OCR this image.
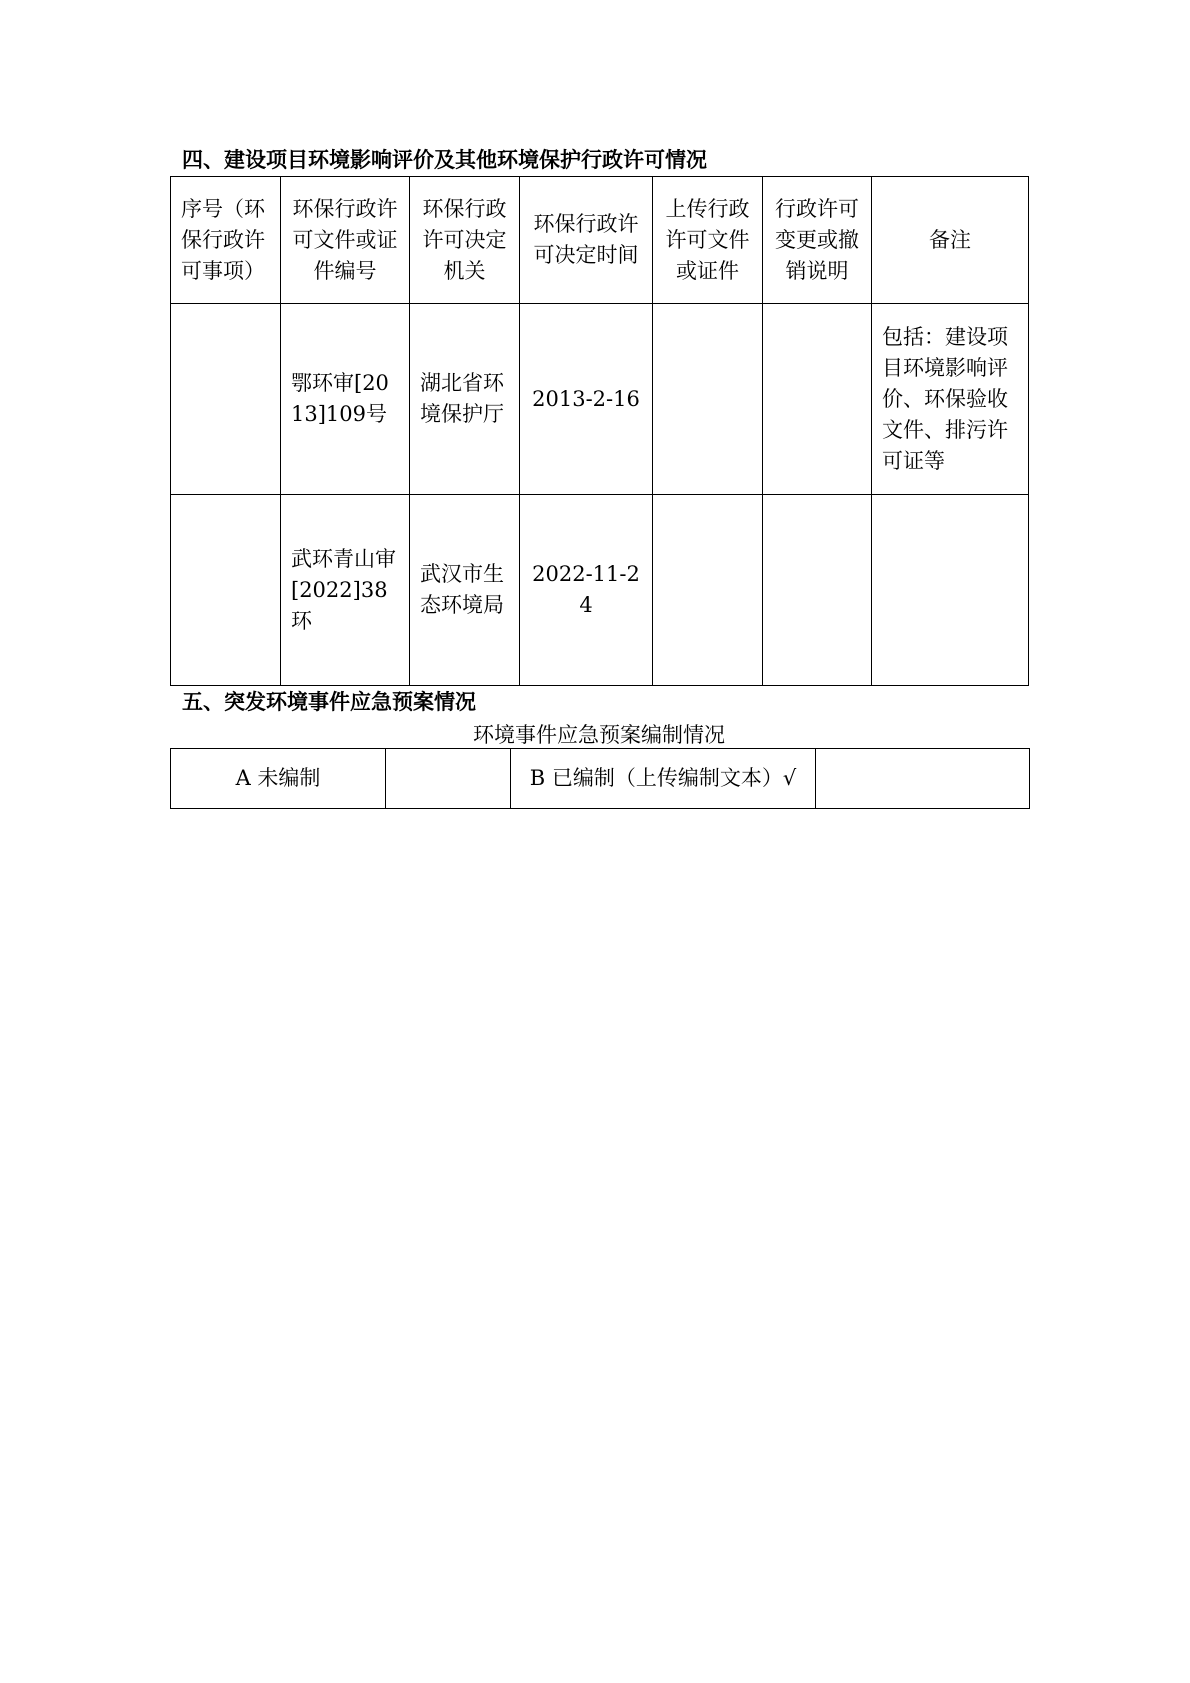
四、建设项目环境影响评价及其他环境保护行政许可情况
序号（环保行政许可事项）	环保行政许可文件或证件编号	环保行政许可决定机关	环保行政许可决定时间	上传行政许可文件或证件	行政许可变更或撤销说明	备注
	鄂环审[2013]109号	湖北省环境保护厅	2013-2-16			包括：建设项目环境影响评价、环保验收文件、排污许可证等
	武环青山审[2022]38环	武汉市生态环境局	2022-11-24			
五、突发环境事件应急预案情况
环境事件应急预案编制情况
A 未编制		B 已编制（上传编制文本）√	
